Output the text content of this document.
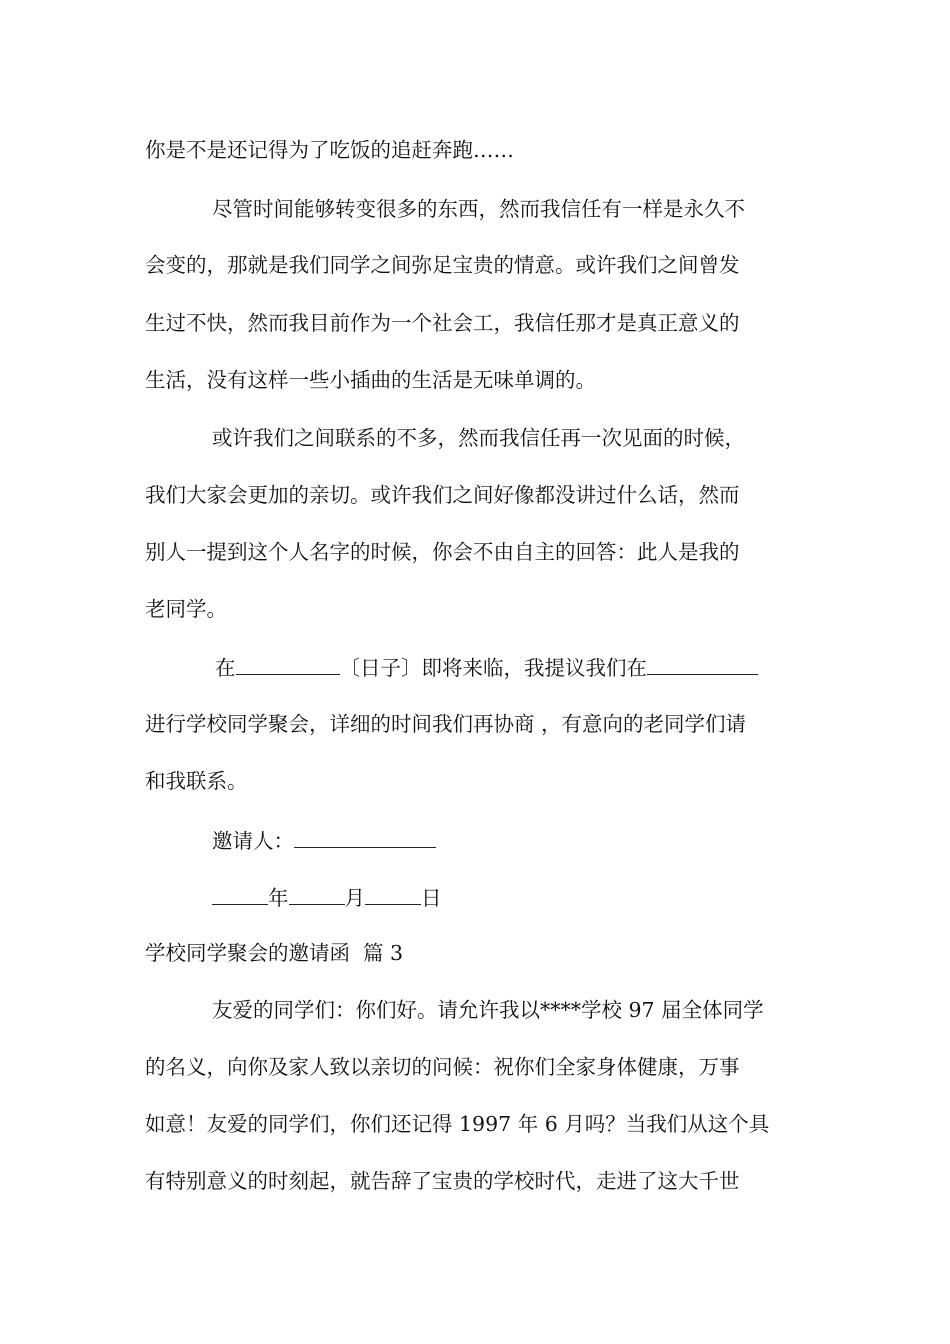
你是不是还记得为了吃饭的追赶奔跑……
尽管时间能够转变很多的东西，然而我信任有一样是永久不
会变的，那就是我们同学之间弥足宝贵的情意。或许我们之间曾发
生过不快，然而我目前作为一个社会工，我信任那才是真正意义的
生活，没有这样一些小插曲的生活是无味单调的。
或许我们之间联系的不多，然而我信任再一次见面的时候，
我们大家会更加的亲切。或许我们之间好像都没讲过什么话，然而
别人一提到这个人名字的时候，你会不由自主的回答：此人是我的
老同学。
在	〔日子〕即将来临，我提议我们在
进行学校同学聚会，详细的时间我们再协商 ，有意向的老同学们请
和我联系。
邀请人：
年	月	日
学校同学聚会的邀请函  篇 3
友爱的同学们：你们好。请允许我以****学校 97 届全体同学
的名义，向你及家人致以亲切的问候：祝你们全家身体健康，万事
如意！友爱的同学们，你们还记得 1997 年 6 月吗？当我们从这个具
有特别意义的时刻起，就告辞了宝贵的学校时代，走进了这大千世
